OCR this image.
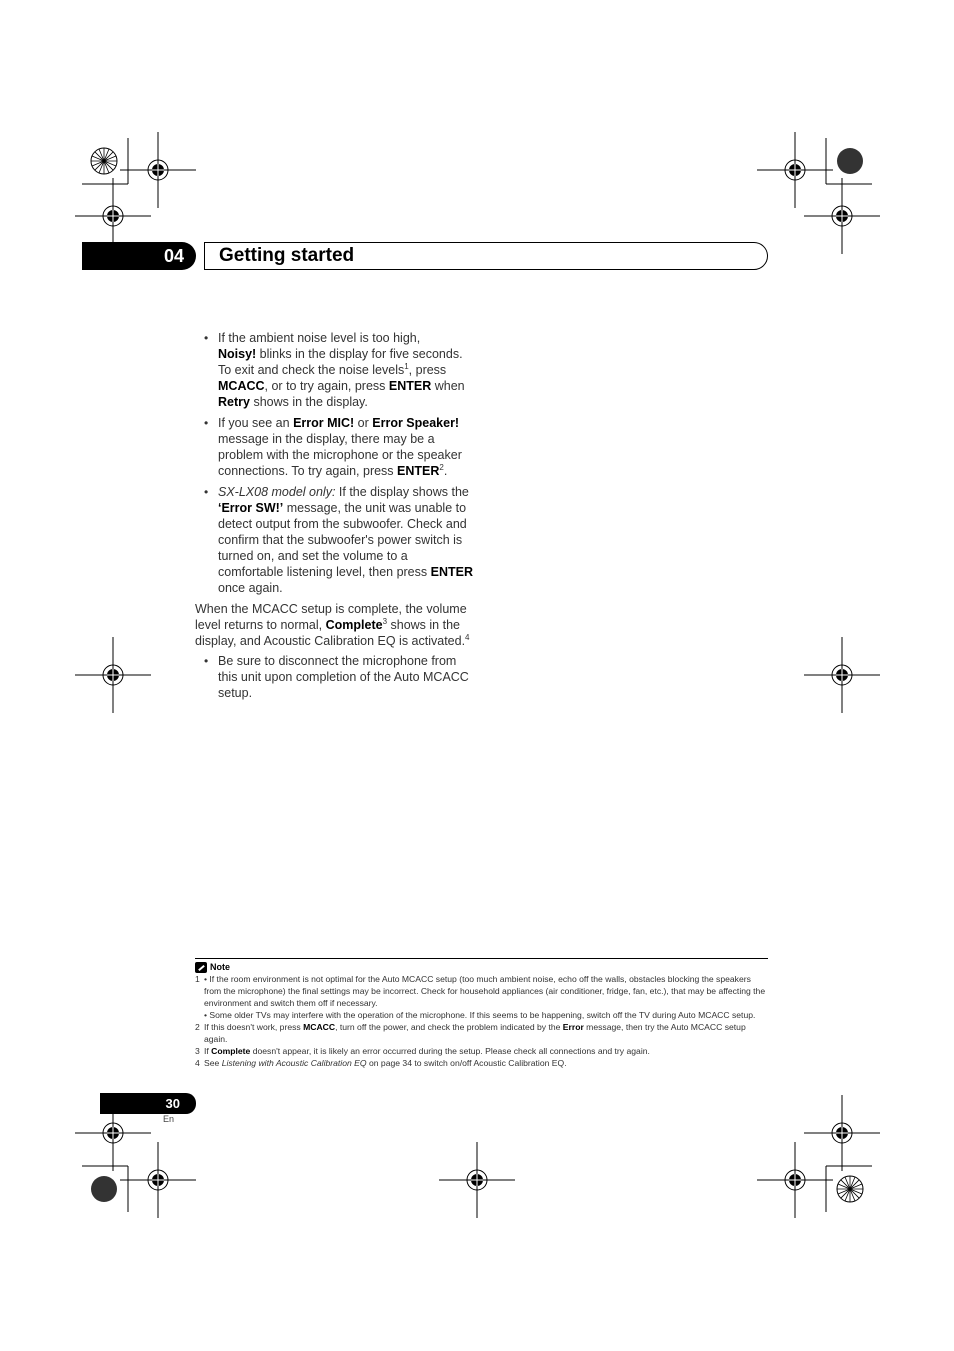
04	Getting started
• If the ambient noise level is too high,
Noisy! blinks in the display for five seconds. To exit and check the noise levels$^1$, press MCACC, or to try again, press ENTER when Retry shows in the display.
• If you see an Error MIC! or Error Speaker! message in the display, there may be a problem with the microphone or the speaker connections. To try again, press ENTER$^2$.
• SX-LX08 model only: If the display shows the ‘Error SW!’ message, the unit was unable to detect output from the subwoofer. Check and confirm that the subwoofer's power switch is turned on, and set the volume to a comfortable listening level, then press ENTER once again.

When the MCACC setup is complete, the volume level returns to normal, Complete$^3$ shows in the display, and Acoustic Calibration EQ is activated.$^4$

• Be sure to disconnect the microphone from this unit upon completion of the Auto MCACC setup.
Note
1 • If the room environment is not optimal for the Auto MCACC setup (too much ambient noise, echo off the walls, obstacles blocking the speakers from the microphone) the final settings may be incorrect. Check for household appliances (air conditioner, fridge, fan, etc.), that may be affecting the environment and switch them off if necessary.
• Some older TVs may interfere with the operation of the microphone. If this seems to be happening, switch off the TV during Auto MCACC setup.
2 If this doesn't work, press MCACC, turn off the power, and check the problem indicated by the Error message, then try the Auto MCACC setup again.
3 If Complete doesn't appear, it is likely an error occurred during the setup. Please check all connections and try again.
4 See Listening with Acoustic Calibration EQ on page 34 to switch on/off Acoustic Calibration EQ.
30
En
